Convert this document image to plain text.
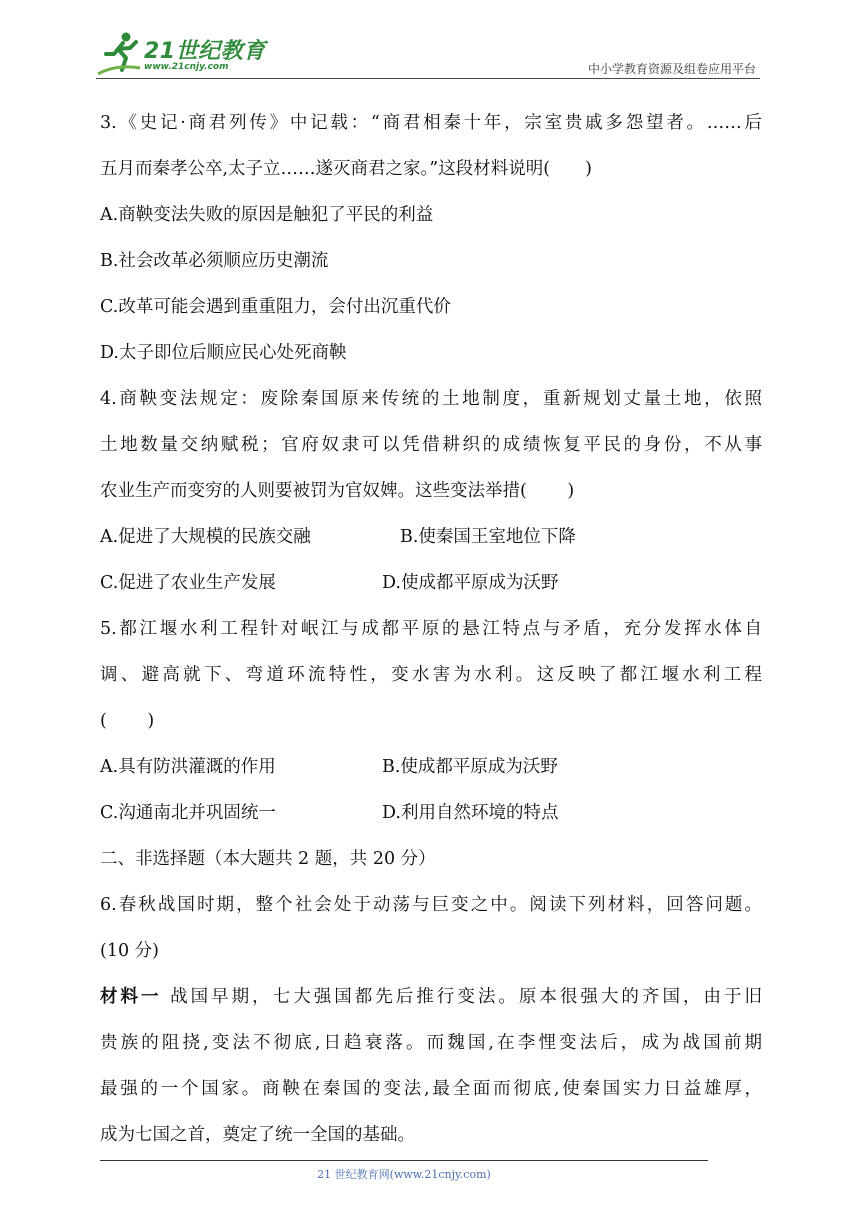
21世纪教育
www.21cnjy.com	中小学教育资源及组卷应用平台
3.《史记·商君列传》中记载：“商君相秦十年，宗室贵戚多怨望者。……后
五月而秦孝公卒,太子立……遂灭商君之家。”这段材料说明(　　)
A.商鞅变法失败的原因是触犯了平民的利益
B.社会改革必须顺应历史潮流
C.改革可能会遇到重重阻力，会付出沉重代价
D.太子即位后顺应民心处死商鞅
4.商鞅变法规定：废除秦国原来传统的土地制度，重新规划丈量土地，依照
土地数量交纳赋税；官府奴隶可以凭借耕织的成绩恢复平民的身份，不从事
农业生产而变穷的人则要被罚为官奴婢。这些变法举措(　　 )
A.促进了大规模的民族交融	B.使秦国王室地位下降
C.促进了农业生产发展	D.使成都平原成为沃野
5.都江堰水利工程针对岷江与成都平原的悬江特点与矛盾，充分发挥水体自
调、避高就下、弯道环流特性，变水害为水利。这反映了都江堰水利工程
(　　 )
A.具有防洪灌溉的作用	B.使成都平原成为沃野
C.沟通南北并巩固统一	D.利用自然环境的特点
二、非选择题（本大题共 2 题，共 20 分）
6.春秋战国时期，整个社会处于动荡与巨变之中。阅读下列材料，回答问题。
(10 分)
材料一 战国早期，七大强国都先后推行变法。原本很强大的齐国，由于旧
贵族的阻挠,变法不彻底,日趋衰落。而魏国,在李悝变法后，成为战国前期
最强的一个国家。商鞅在秦国的变法,最全面而彻底,使秦国实力日益雄厚，
成为七国之首，奠定了统一全国的基础。
21 世纪教育网(www.21cnjy.com)
